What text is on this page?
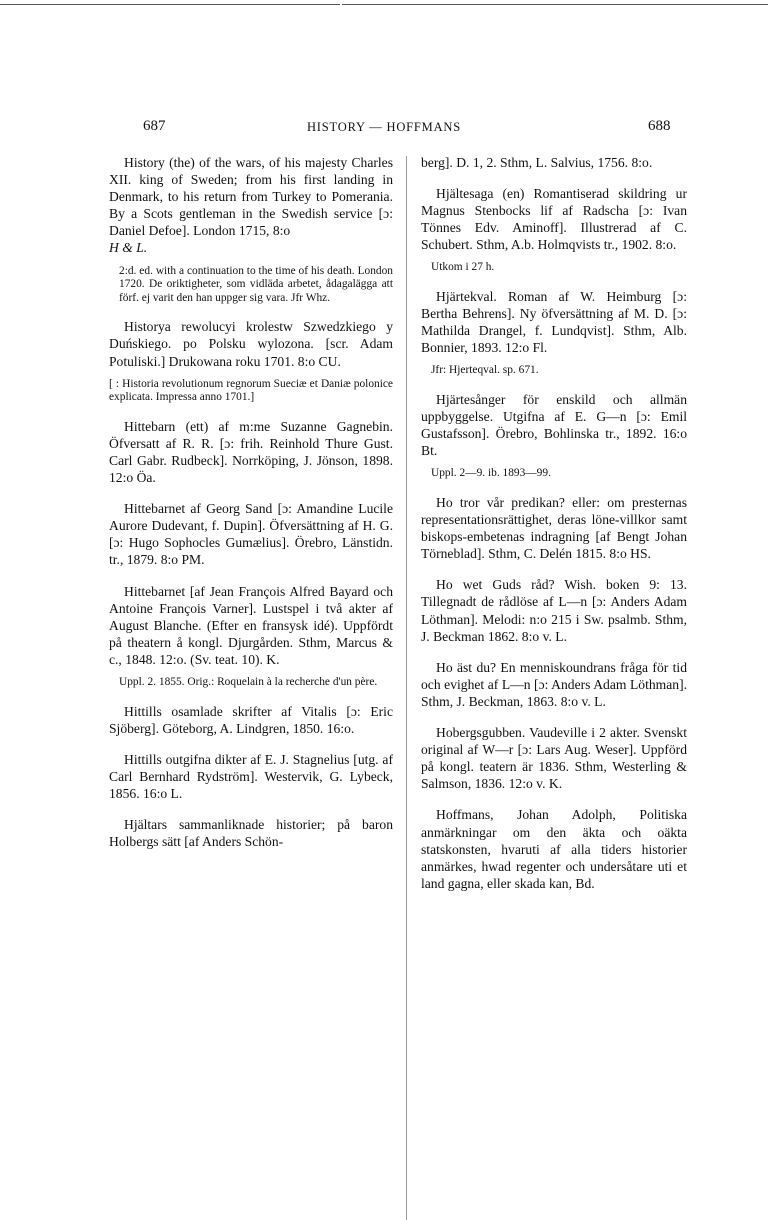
687	HISTORY — HOFFMANS	688

History (the) of the wars, of his majesty Charles XII. king of Sweden; from his first landing in Denmark, to his return from Turkey to Pomerania. By a Scots gentleman in the Swedish service [ɔ: Daniel Defoe]. London 1715, 8:o
H & L.

2:d. ed. with a continuation to the time of his death. London 1720. De oriktigheter, som vidläda arbetet, ådagalägga att förf. ej varit den han uppger sig vara. Jfr Whz.

Historya rewolucyi krolestw Szwedzkiego y Duńskiego. po Polsku wylozona. [scr. Adam Potuliski.] Drukowana roku 1701. 8:o CU.

[ : Historia revolutionum regnorum Sueciæ et Daniæ polonice explicata. Impressa anno 1701.]

Hittebarn (ett) af m:me Suzanne Gagnebin. Öfversatt af R. R. [ɔ: frih. Reinhold Thure Gust. Carl Gabr. Rudbeck]. Norrköping, J. Jönson, 1898. 12:o Öa.

Hittebarnet af Georg Sand [ɔ: Amandine Lucile Aurore Dudevant, f. Dupin]. Öfversättning af H. G. [ɔ: Hugo Sophocles Gumælius]. Örebro, Länstidn. tr., 1879. 8:o PM.

Hittebarnet [af Jean François Alfred Bayard och Antoine François Varner]. Lustspel i två akter af August Blanche. (Efter en fransysk idé). Uppfördt på theatern å kongl. Djurgården. Sthm, Marcus & c., 1848. 12:o. (Sv. teat. 10). K.

Uppl. 2. 1855. Orig.: Roquelain à la recherche d'un père.

Hittills osamlade skrifter af Vitalis [ɔ: Eric Sjöberg]. Göteborg, A. Lindgren, 1850. 16:o.

Hittills outgifna dikter af E. J. Stagnelius [utg. af Carl Bernhard Rydström]. Westervik, G. Lybeck, 1856. 16:o L.

Hjältars sammanliknade historier; på baron Holbergs sätt [af Anders Schön-

berg]. D. 1, 2. Sthm, L. Salvius, 1756. 8:o.

Hjältesaga (en) Romantiserad skildring ur Magnus Stenbocks lif af Radscha [ɔ: Ivan Tönnes Edv. Aminoff]. Illustrerad af C. Schubert. Sthm, A.b. Holmqvists tr., 1902. 8:o.

Utkom i 27 h.

Hjärtekval. Roman af W. Heimburg [ɔ: Bertha Behrens]. Ny öfversättning af M. D. [ɔ: Mathilda Drangel, f. Lundqvist]. Sthm, Alb. Bonnier, 1893. 12:o Fl.

Jfr: Hjerteqval. sp. 671.

Hjärtesånger för enskild och allmän uppbyggelse. Utgifna af E. G—n [ɔ: Emil Gustafsson]. Örebro, Bohlinska tr., 1892. 16:o Bt.

Uppl. 2—9. ib. 1893—99.

Ho tror vår predikan? eller: om presternas representationsrättighet, deras löne-villkor samt biskops-embetenas indragning [af Bengt Johan Törneblad]. Sthm, C. Delén 1815. 8:o HS.

Ho wet Guds råd? Wish. boken 9: 13. Tillegnadt de rådlöse af L—n [ɔ: Anders Adam Löthman]. Melodi: n:o 215 i Sw. psalmb. Sthm, J. Beckman 1862. 8:o v. L.

Ho äst du? En menniskoundrans fråga för tid och evighet af L—n [ɔ: Anders Adam Löthman]. Sthm, J. Beckman, 1863. 8:o v. L.

Hobergsgubben. Vaudeville i 2 akter. Svenskt original af W—r [ɔ: Lars Aug. Weser]. Uppförd på kongl. teatern är 1836. Sthm, Westerling & Salmson, 1836. 12:o v. K.

Hoffmans, Johan Adolph, Politiska anmärkningar om den äkta och oäkta statskonsten, hvaruti af alla tiders historier anmärkes, hwad regenter och undersåtare uti et land gagna, eller skada kan, Bd.
